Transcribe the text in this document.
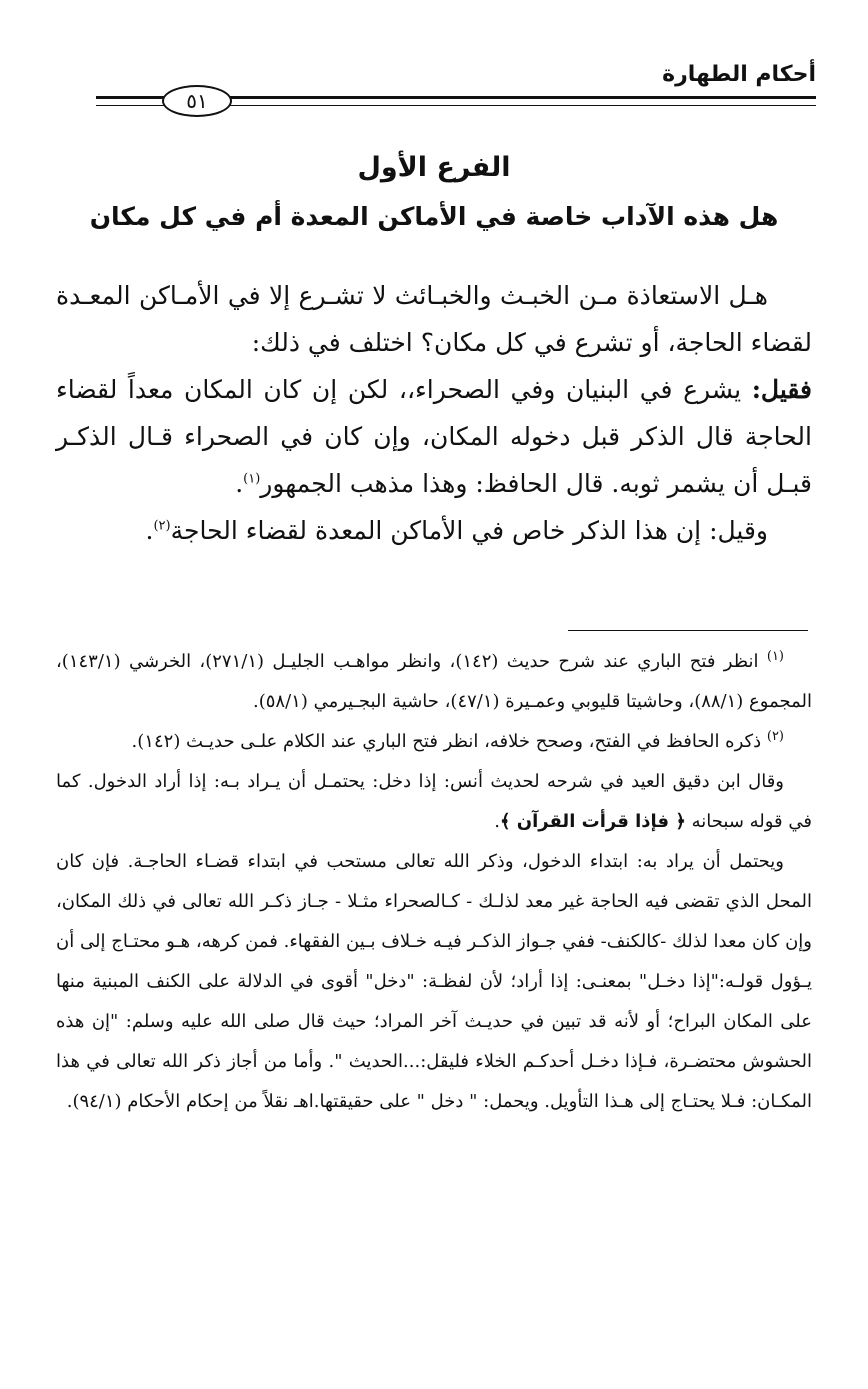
أحكام الطهارة
٥١
الفرع الأول
هل هذه الآداب خاصة في الأماكن المعدة أم في كل مكان

هـل الاستعاذة مـن الخبـث والخبـائث لا تشـرع إلا في الأمـاكن المعـدة لقضاء الحاجة، أو تشرع في كل مكان؟ اختلف في ذلك:

فقيل: يشرع في البنيان وفي الصحراء،، لكن إن كان المكان معداً لقضاء الحاجة قال الذكر قبل دخوله المكان، وإن كان في الصحراء قـال الذكـر قبـل أن يشمر ثوبه. قال الحافظ: وهذا مذهب الجمهور$^{(١)}$.

وقيل: إن هذا الذكر خاص في الأماكن المعدة لقضاء الحاجة$^{(٢)}$.

$^{(١)}$ انظر فتح الباري عند شرح حديث (١٤٢)، وانظر مواهـب الجليـل (٢٧١/١)، الخرشي (١٤٣/١)، المجموع (٨٨/١)، وحاشيتا قليوبي وعمـيرة (٤٧/١)، حاشية البجـيرمي (٥٨/١).

$^{(٢)}$ ذكره الحافظ في الفتح، وصحح خلافه، انظر فتح الباري عند الكلام علـى حديـث (١٤٢).

وقال ابن دقيق العيد في شرحه لحديث أنس: إذا دخل: يحتمـل أن يـراد بـه: إذا أراد الدخول. كما في قوله سبحانه ﴿ فإذا قرأت القرآن ﴾.

ويحتمل أن يراد به: ابتداء الدخول، وذكر الله تعالى مستحب في ابتداء قضـاء الحاجـة. فإن كان المحل الذي تقضى فيه الحاجة غير معد لذلـك - كـالصحراء مثـلا - جـاز ذكـر الله تعالى في ذلك المكان، وإن كان معدا لذلك -كالكنف- ففي جـواز الذكـر فيـه خـلاف بـين الفقهاء. فمن كرهه، هـو محتـاج إلى أن يـؤول قولـه:"إذا دخـل" بمعنـى: إذا أراد؛ لأن لفظـة: "دخل" أقوى في الدلالة على الكنف المبنية منها على المكان البراح؛ أو لأنه قد تبين في حديـث آخر المراد؛ حيث قال صلى الله عليه وسلم: "إن هذه الحشوش محتضـرة، فـإذا دخـل أحدكـم الخلاء فليقل:...الحديث ". وأما من أجاز ذكر الله تعالى في هذا المكـان: فـلا يحتـاج إلى هـذا التأويل. ويحمل: " دخل " على حقيقتها.اهـ نقلاً من إحكام الأحكام (٩٤/١).
